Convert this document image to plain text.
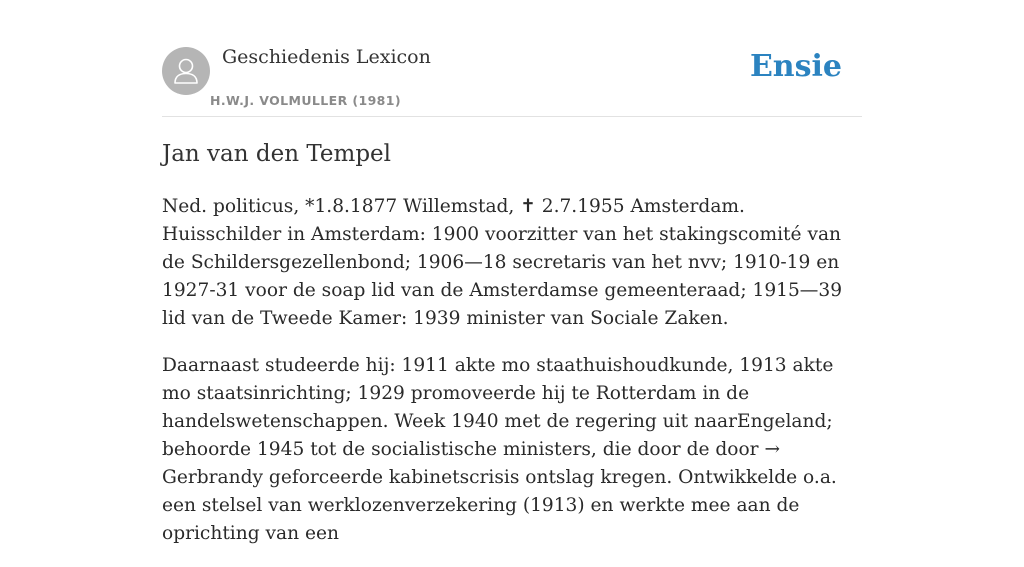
Geschiedenis Lexicon
H.W.J. VOLMULLER (1981)
Ensie
Jan van den Tempel

Ned. politicus, *1.8.1877 Willemstad, ✝ 2.7.1955 Amsterdam. Huisschilder in Amsterdam: 1900 voorzitter van het stakingscomité van de Schildersgezellenbond; 1906—18 secretaris van het nvv; 1910-19 en 1927-31 voor de soap lid van de Amsterdamse gemeenteraad; 1915—39 lid van de Tweede Kamer: 1939 minister van Sociale Zaken.

Daarnaast studeerde hij: 1911 akte mo staathuishoudkunde, 1913 akte mo staatsinrichting; 1929 promoveerde hij te Rotterdam in de handelswetenschappen. Week 1940 met de regering uit naarEngeland; behoorde 1945 tot de socialistische ministers, die door de door → Gerbrandy geforceerde kabinetscrisis ontslag kregen. Ontwikkelde o.a. een stelsel van werklozenverzekering (1913) en werkte mee aan de oprichting van een
